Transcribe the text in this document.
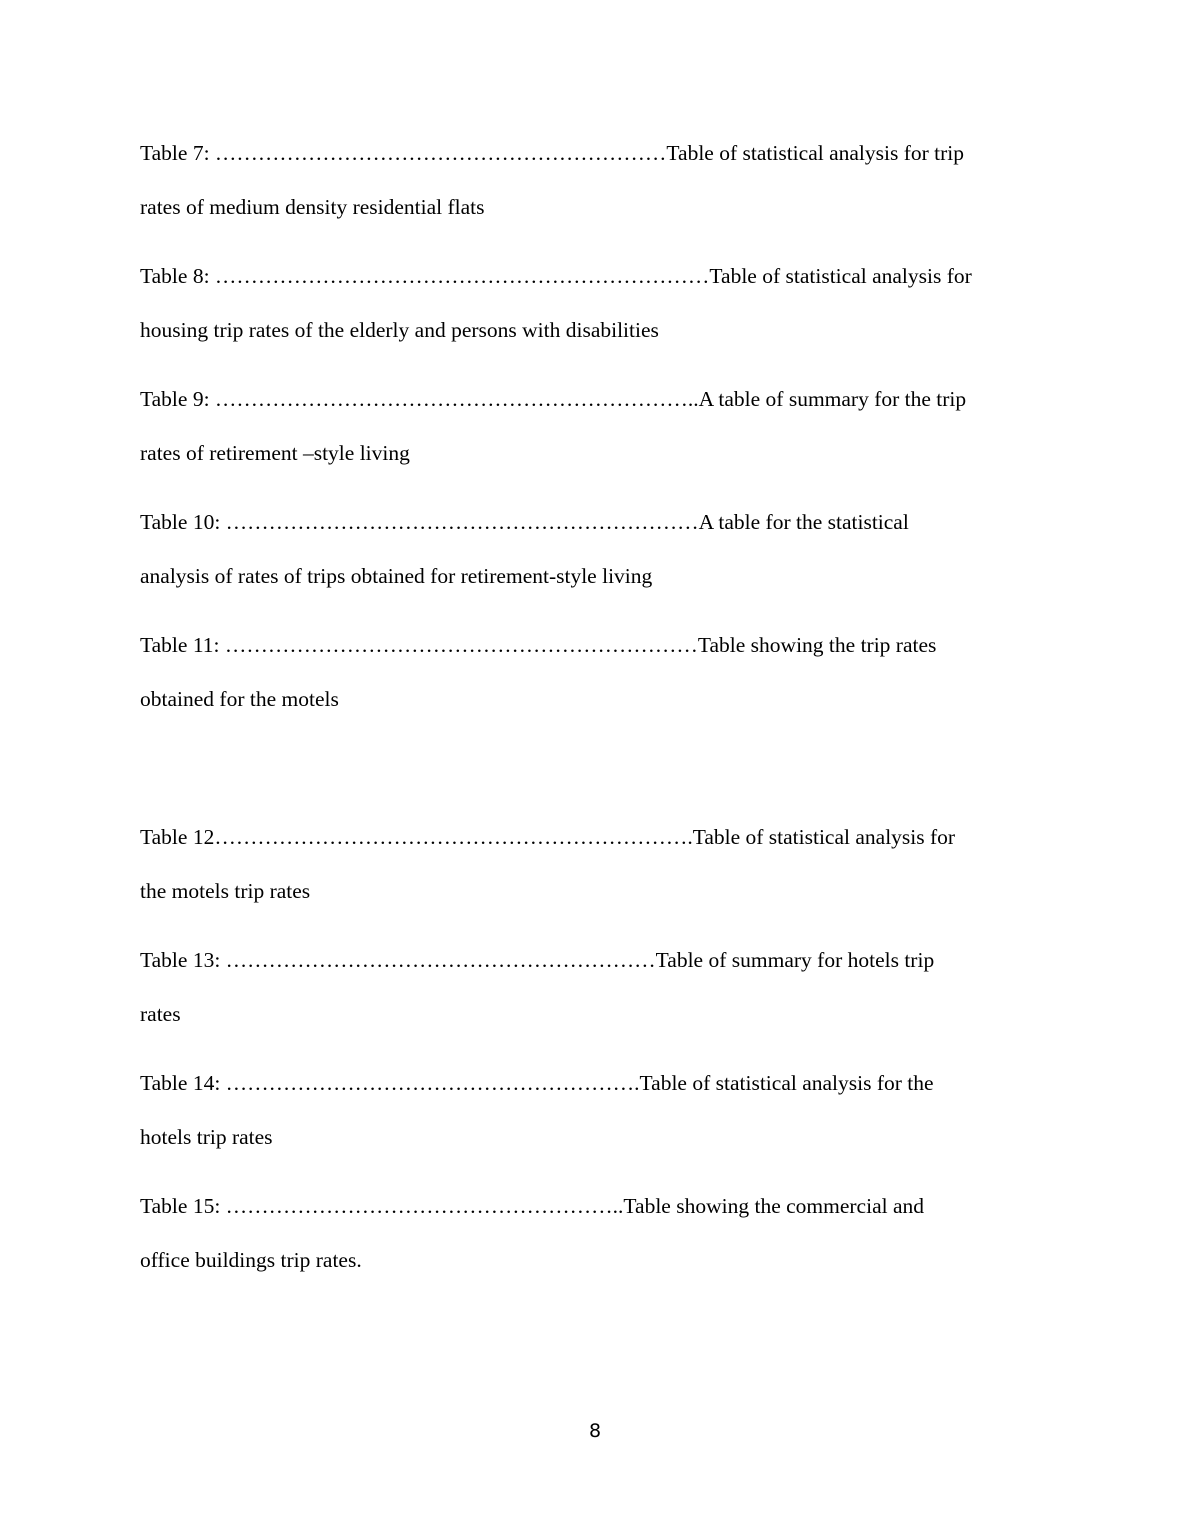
Table 7: ………………………………………………………Table of statistical analysis for trip
rates of medium density residential flats
Table 8: ……………………………………………………………Table of statistical analysis for
housing trip rates of the elderly and persons with disabilities
Table 9: …………………………………………………………..A table of summary for the trip
rates of retirement –style living
Table 10: …………………………………………………………A table for the statistical
analysis of rates of trips obtained for retirement-style living
Table 11: …………………………………………………………Table showing the trip rates
obtained for the motels
Table 12………………………………………………………….Table of statistical analysis for
the motels trip rates
Table 13: ……………………………………………………Table of summary for hotels trip
rates
Table 14: ………………………………………………….Table of statistical analysis for the
hotels trip rates
Table 15: ………………………………………………..Table showing the commercial and
office buildings trip rates.
8
